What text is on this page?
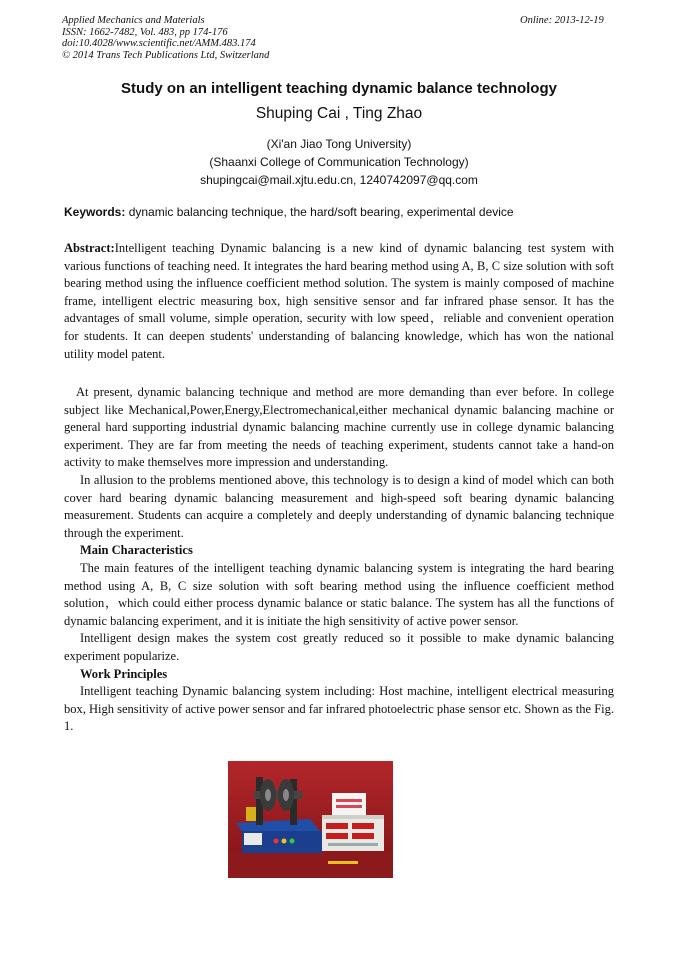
Applied Mechanics and Materials
ISSN: 1662-7482, Vol. 483, pp 174-176
doi:10.4028/www.scientific.net/AMM.483.174
© 2014 Trans Tech Publications Ltd, Switzerland
Online: 2013-12-19
Study on an intelligent teaching dynamic balance technology
Shuping Cai , Ting Zhao
(Xi'an Jiao Tong University)
(Shaanxi College of Communication Technology)
shupingcai@mail.xjtu.edu.cn, 1240742097@qq.com
Keywords: dynamic balancing technique, the hard/soft bearing, experimental device
Abstract:Intelligent teaching Dynamic balancing is a new kind of dynamic balancing test system with various functions of teaching need. It integrates the hard bearing method using A, B, C size solution with soft bearing method using the influence coefficient method solution. The system is mainly composed of machine frame, intelligent electric measuring box, high sensitive sensor and far infrared phase sensor. It has the advantages of small volume, simple operation, security with low speed，reliable and convenient operation for students. It can deepen students' understanding of balancing knowledge, which has won the national utility model patent.

At present, dynamic balancing technique and method are more demanding than ever before. In college subject like Mechanical,Power,Energy,Electromechanical,either mechanical dynamic balancing machine or general hard supporting industrial dynamic balancing machine currently use in college dynamic balancing experiment. They are far from meeting the needs of teaching experiment, students cannot take a hand-on activity to make themselves more impression and understanding.

In allusion to the problems mentioned above, this technology is to design a kind of model which can both cover hard bearing dynamic balancing measurement and high-speed soft bearing dynamic balancing measurement. Students can acquire a completely and deeply understanding of dynamic balancing technique through the experiment.

Main Characteristics

The main features of the intelligent teaching dynamic balancing system is integrating the hard bearing method using A, B, C size solution with soft bearing method using the influence coefficient method solution，which could either process dynamic balance or static balance. The system has all the functions of dynamic balancing experiment, and it is initiate the high sensitivity of active power sensor.

Intelligent design makes the system cost greatly reduced so it possible to make dynamic balancing experiment popularize.

Work Principles

Intelligent teaching Dynamic balancing system including: Host machine, intelligent electrical measuring box, High sensitivity of active power sensor and far infrared photoelectric phase sensor etc. Shown as the Fig. 1.
